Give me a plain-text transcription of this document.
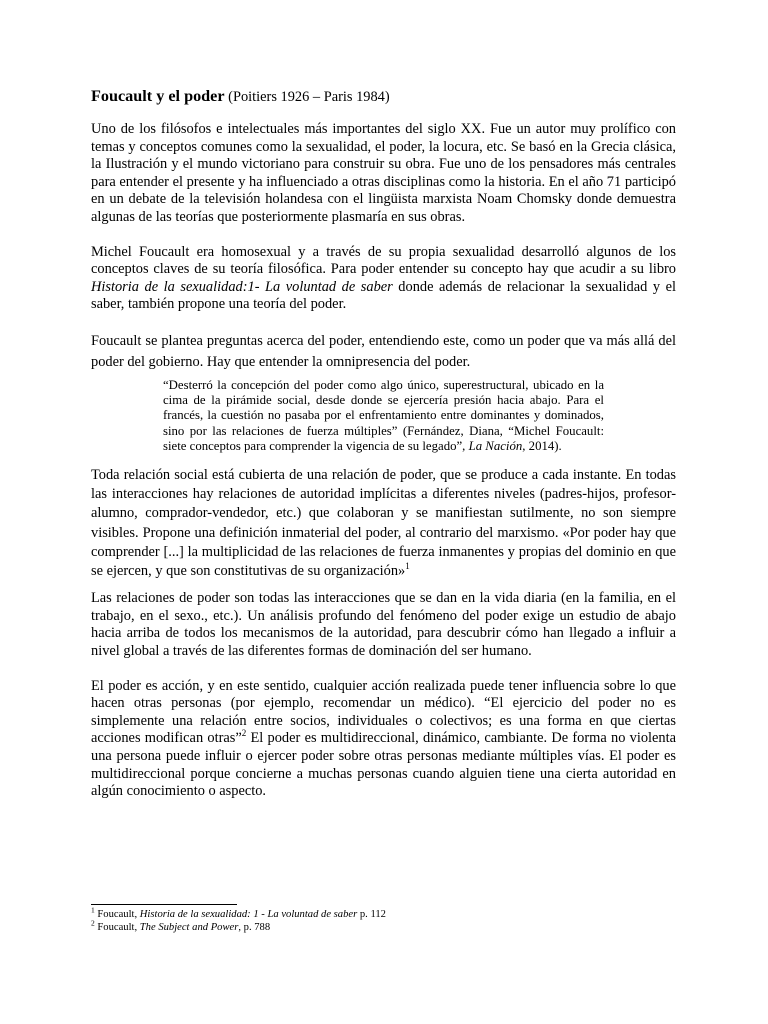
Foucault y el poder (Poitiers 1926 – Paris 1984)

Uno de los filósofos e intelectuales más importantes del siglo XX. Fue un autor muy prolífico con temas y conceptos comunes como la sexualidad, el poder, la locura, etc. Se basó en la Grecia clásica, la Ilustración y el mundo victoriano para construir su obra. Fue uno de los pensadores más centrales para entender el presente y ha influenciado a otras disciplinas como la historia. En el año 71 participó en un debate de la televisión holandesa con el lingüista marxista Noam Chomsky donde demuestra algunas de las teorías que posteriormente plasmaría en sus obras.

Michel Foucault era homosexual y a través de su propia sexualidad desarrolló algunos de los conceptos claves de su teoría filosófica. Para poder entender su concepto hay que acudir a su libro Historia de la sexualidad:1- La voluntad de saber donde además de relacionar la sexualidad y el saber, también propone una teoría del poder.

Foucault se plantea preguntas acerca del poder, entendiendo este, como un poder que va más allá del poder del gobierno. Hay que entender la omnipresencia del poder.

“Desterró la concepción del poder como algo único, superestructural, ubicado en la cima de la pirámide social, desde donde se ejercería presión hacia abajo. Para el francés, la cuestión no pasaba por el enfrentamiento entre dominantes y dominados, sino por las relaciones de fuerza múltiples” (Fernández, Diana, “Michel Foucault: siete conceptos para comprender la vigencia de su legado”, La Nación, 2014).

Toda relación social está cubierta de una relación de poder, que se produce a cada instante. En todas las interacciones hay relaciones de autoridad implícitas a diferentes niveles (padres-hijos, profesor-alumno, comprador-vendedor, etc.) que colaboran y se manifiestan sutilmente, no son siempre visibles. Propone una definición inmaterial del poder, al contrario del marxismo. «Por poder hay que comprender [...] la multiplicidad de las relaciones de fuerza inmanentes y propias del dominio en que se ejercen, y que son constitutivas de su organización»$^1$

Las relaciones de poder son todas las interacciones que se dan en la vida diaria (en la familia, en el trabajo, en el sexo., etc.). Un análisis profundo del fenómeno del poder exige un estudio de abajo hacia arriba de todos los mecanismos de la autoridad, para descubrir cómo han llegado a influir a nivel global a través de las diferentes formas de dominación del ser humano.

El poder es acción, y en este sentido, cualquier acción realizada puede tener influencia sobre lo que hacen otras personas (por ejemplo, recomendar un médico). “El ejercicio del poder no es simplemente una relación entre socios, individuales o colectivos; es una forma en que ciertas acciones modifican otras”$^2$ El poder es multidireccional, dinámico, cambiante. De forma no violenta una persona puede influir o ejercer poder sobre otras personas mediante múltiples vías. El poder es multidireccional porque concierne a muchas personas cuando alguien tiene una cierta autoridad en algún conocimiento o aspecto.

$^1$ Foucault, Historia de la sexualidad: 1 - La voluntad de saber p. 112

$^2$ Foucault, The Subject and Power, p. 788
